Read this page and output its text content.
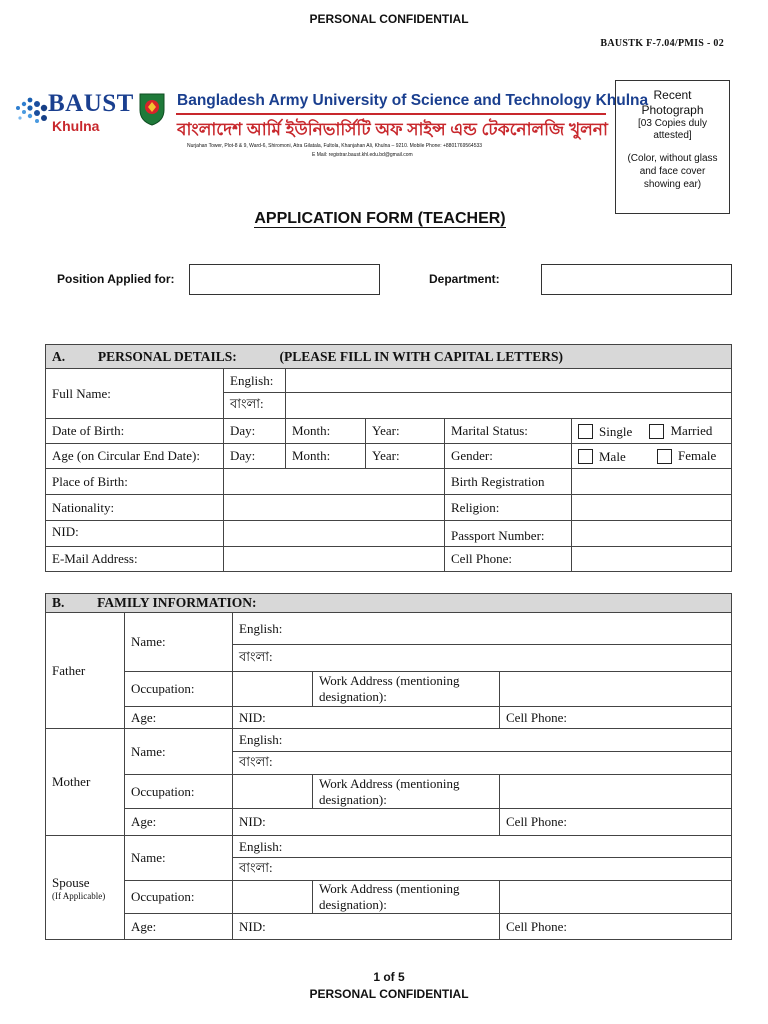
PERSONAL CONFIDENTIAL
BAUSTK F-7.04/PMIS - 02
BAUST
Khulna
Bangladesh Army University of Science and Technology Khulna
বাংলাদেশ আর্মি ইউনিভার্সিটি অফ সাইন্স এন্ড টেকনোলজি খুলনা
Nurjahan Tower, Plot-8 & 9, Ward-6, Shiromoni, Atra Gilatala, Fultola, Khanjahan Ali, Khulna – 9210. Mobile Phone: +8801769564533
E Mail: registrar.baust.khl.edu.bd@gmail.com
Recent
Photograph
[03 Copies duly
attested]
(Color, without glass
and face cover
showing ear)
APPLICATION FORM (TEACHER)
Position Applied for:	Department:
A. PERSONAL DETAILS: (PLEASE FILL IN WITH CAPITAL LETTERS)					
Full Name:	English:				
	বাংলা:				
Date of Birth:	Day:	Month:	Year:	Marital Status:	Single Married
Age (on Circular End Date):	Day:	Month:	Year:	Gender:	Male Female
Place of Birth:				Birth Registration	
Nationality:				Religion:	
NID:				Passport Number:	
E-Mail Address:				Cell Phone:	
B. FAMILY INFORMATION:				
Father	Name:	English:		
		বাংলা:		
	Occupation:		Work Address (mentioning designation):	
	Age:	NID:		Cell Phone:
Mother	Name:	English:		
		বাংলা:		
	Occupation:		Work Address (mentioning designation):	
	Age:	NID:		Cell Phone:
Spouse
(If Applicable)	Name:	English:		
		বাংলা:		
	Occupation:		Work Address (mentioning designation):	
	Age:	NID:		Cell Phone:
1 of 5
PERSONAL CONFIDENTIAL
